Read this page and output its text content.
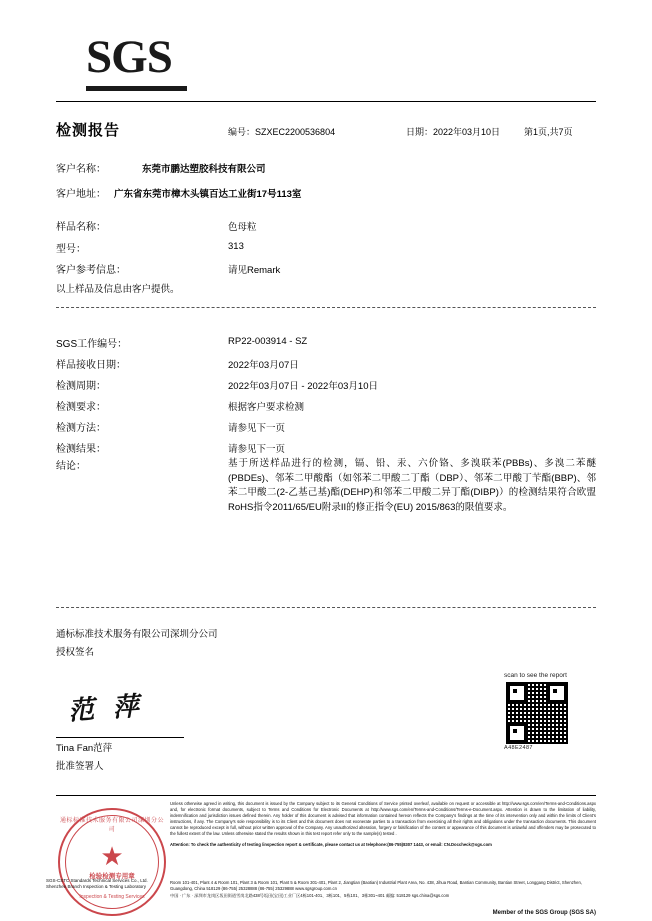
SGS
检测报告	编号：SZXEC2200536804	日期：2022年03月10日	第1页,共7页
客户名称：	东莞市鹏达塑胶科技有限公司
客户地址： 广东省东莞市樟木头镇百达工业街17号113室
样品名称：	色母粒
型号：	313
客户参考信息：	请见Remark
以上样品及信息由客户提供。
SGS工作编号：	RP22-003914 - SZ
样品接收日期：	2022年03月07日
检测周期：	2022年03月07日 - 2022年03月10日
检测要求：	根据客户要求检测
检测方法：	请参见下一页
检测结果：	请参见下一页
结论：	基于所送样品进行的检测，镉、铅、汞、六价铬、多溴联苯(PBBs)、多溴二苯醚(PBDEs)、邻苯二甲酸酯（如邻苯二甲酸二丁酯（DBP）、邻苯二甲酸丁苄酯(BBP)、邻苯二甲酸二(2-乙基己基)酯(DEHP)和邻苯二甲酸二异丁酯(DIBP)）的检测结果符合欧盟RoHS指令2011/65/EU附录II的修正指令(EU) 2015/863的限值要求。
通标标准技术服务有限公司深圳分公司
授权签名
范 萍
Tina Fan范萍
批准签署人
scan to see the report
A48E2487
Unless otherwise agreed in writing, this document is issued by the Company subject to its General Conditions of Service printed overleaf, available on request or accessible at http://www.sgs.com/en/Terms-and-Conditions.aspx and, for electronic format documents, subject to Terms and Conditions for Electronic Documents at http://www.sgs.com/en/Terms-and-Conditions/Terms-e-Document.aspx. Attention is drawn to the limitation of liability, indemnification and jurisdiction issues defined therein. Any holder of this document is advised that information contained hereon reflects the Company's findings at the time of its intervention only and within the limits of Client's instructions, if any. The Company's sole responsibility is to its Client and this document does not exonerate parties to a transaction from exercising all their rights and obligations under the transaction documents. This document cannot be reproduced except in full, without prior written approval of the Company. Any unauthorized alteration, forgery or falsification of the content or appearance of this document is unlawful and offenders may be prosecuted to the fullest extent of the law. Unless otherwise stated the results shown in this test report refer only to the sample(s) tested .
Attention: To check the authenticity of testing /inspection report & certificate, please contact us at telephone:(86-755)8307 1443, or email: CN.Doccheck@sgs.com
Room 101-401, Plant 4 & Room 101, Plant 3 & Room 101, Plant 5 & Room 301-401, Plant 2, Jiangtian (Baotian) Industrial Plant Area, No. 438, Jihua Road, Bantian Community, Bantian Street, Longgang District, Shenzhen, Guangdong, China 518129 (86-755) 25328888 (86-755) 25329888 www.sgsgroup.com.cn
中国 · 广东 · 深圳市龙岗区坂田街道雪岗北路438号坂田(宝田)工业厂区4栋101-401、3栋101、5栋101、3栋301~401 邮编: 518129 sgs.china@sgs.com
Member of the SGS Group (SGS SA)
通标标准技术服务有限公司深圳分公司
★
检验检测专用章
Inspection & Testing Services
SGS-CSTC Standards Technical Services Co., Ltd. Shenzhen Branch Inspection & Testing Laboratory
